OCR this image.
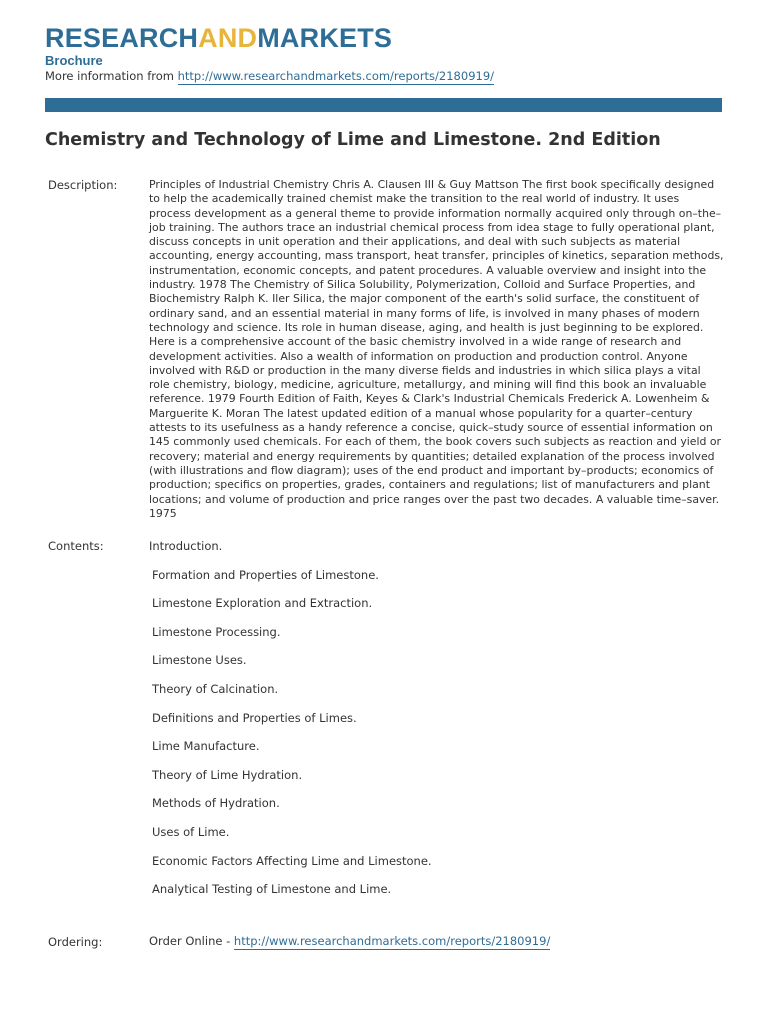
RESEARCHANDMARKETS
Brochure
More information from http://www.researchandmarkets.com/reports/2180919/
Chemistry and Technology of Lime and Limestone. 2nd Edition
Description:	Principles of Industrial Chemistry Chris A. Clausen III & Guy Mattson The first book specifically designed to help the academically trained chemist make the transition to the real world of industry. It uses process development as a general theme to provide information normally acquired only through on–the–job training. The authors trace an industrial chemical process from idea stage to fully operational plant, discuss concepts in unit operation and their applications, and deal with such subjects as material accounting, energy accounting, mass transport, heat transfer, principles of kinetics, separation methods, instrumentation, economic concepts, and patent procedures. A valuable overview and insight into the industry. 1978 The Chemistry of Silica Solubility, Polymerization, Colloid and Surface Properties, and Biochemistry Ralph K. Iler Silica, the major component of the earth's solid surface, the constituent of ordinary sand, and an essential material in many forms of life, is involved in many phases of modern technology and science. Its role in human disease, aging, and health is just beginning to be explored. Here is a comprehensive account of the basic chemistry involved in a wide range of research and development activities. Also a wealth of information on production and production control. Anyone involved with R&D or production in the many diverse fields and industries in which silica plays a vital role chemistry, biology, medicine, agriculture, metallurgy, and mining will find this book an invaluable reference. 1979 Fourth Edition of Faith, Keyes & Clark's Industrial Chemicals Frederick A. Lowenheim & Marguerite K. Moran The latest updated edition of a manual whose popularity for a quarter–century attests to its usefulness as a handy reference a concise, quick–study source of essential information on 145 commonly used chemicals. For each of them, the book covers such subjects as reaction and yield or recovery; material and energy requirements by quantities; detailed explanation of the process involved (with illustrations and flow diagram); uses of the end product and important by–products; economics of production; specifics on properties, grades, containers and regulations; list of manufacturers and plant locations; and volume of production and price ranges over the past two decades. A valuable time–saver. 1975
Contents:	Introduction.
Formation and Properties of Limestone.
Limestone Exploration and Extraction.
Limestone Processing.
Limestone Uses.
Theory of Calcination.
Definitions and Properties of Limes.
Lime Manufacture.
Theory of Lime Hydration.
Methods of Hydration.
Uses of Lime.
Economic Factors Affecting Lime and Limestone.
Analytical Testing of Limestone and Lime.
Ordering:	Order Online - http://www.researchandmarkets.com/reports/2180919/
